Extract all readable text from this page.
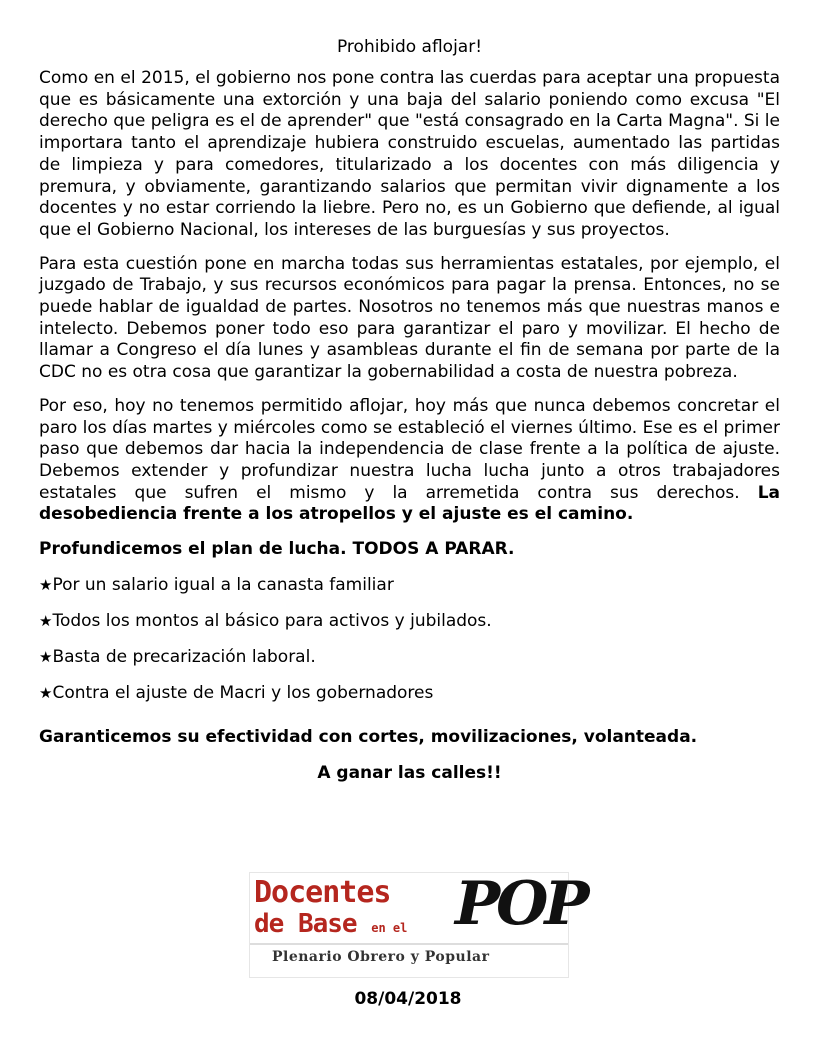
Prohibido aflojar!

Como en el 2015, el gobierno nos pone contra las cuerdas para aceptar una propuesta que es básicamente una extorción y una baja del salario poniendo como excusa "El derecho que peligra es el de aprender" que "está consagrado en la Carta Magna". Si le importara tanto el aprendizaje hubiera construido escuelas, aumentado las partidas de limpieza y para comedores, titularizado a los docentes con más diligencia y premura, y obviamente, garantizando salarios que permitan vivir dignamente a los docentes y no estar corriendo la liebre. Pero no, es un Gobierno que defiende, al igual que el Gobierno Nacional, los intereses de las burguesías y sus proyectos.

Para esta cuestión pone en marcha todas sus herramientas estatales, por ejemplo, el juzgado de Trabajo, y sus recursos económicos para pagar la prensa. Entonces, no se puede hablar de igualdad de partes. Nosotros no tenemos más que nuestras manos e intelecto. Debemos poner todo eso para garantizar el paro y movilizar. El hecho de llamar a Congreso el día lunes y asambleas durante el fin de semana por parte de la CDC no es otra cosa que garantizar la gobernabilidad a costa de nuestra pobreza.

Por eso, hoy no tenemos permitido aflojar, hoy más que nunca debemos concretar el paro los días martes y miércoles como se estableció el viernes último. Ese es el primer paso que debemos dar hacia la independencia de clase frente a la política de ajuste. Debemos extender y profundizar nuestra lucha lucha junto a otros trabajadores estatales que sufren el mismo y la arremetida contra sus derechos. La desobediencia frente a los atropellos y el ajuste es el camino.

Profundicemos el plan de lucha. TODOS A PARAR.
★Por un salario igual a la canasta familiar
★Todos los montos al básico para activos y jubilados.
★Basta de precarización laboral.
★Contra el ajuste de Macri y los gobernadores
Garanticemos su efectividad con cortes, movilizaciones, volanteada.
A ganar las calles!!
Docentes
de Base en el POP
Plenario Obrero y Popular
08/04/2018
